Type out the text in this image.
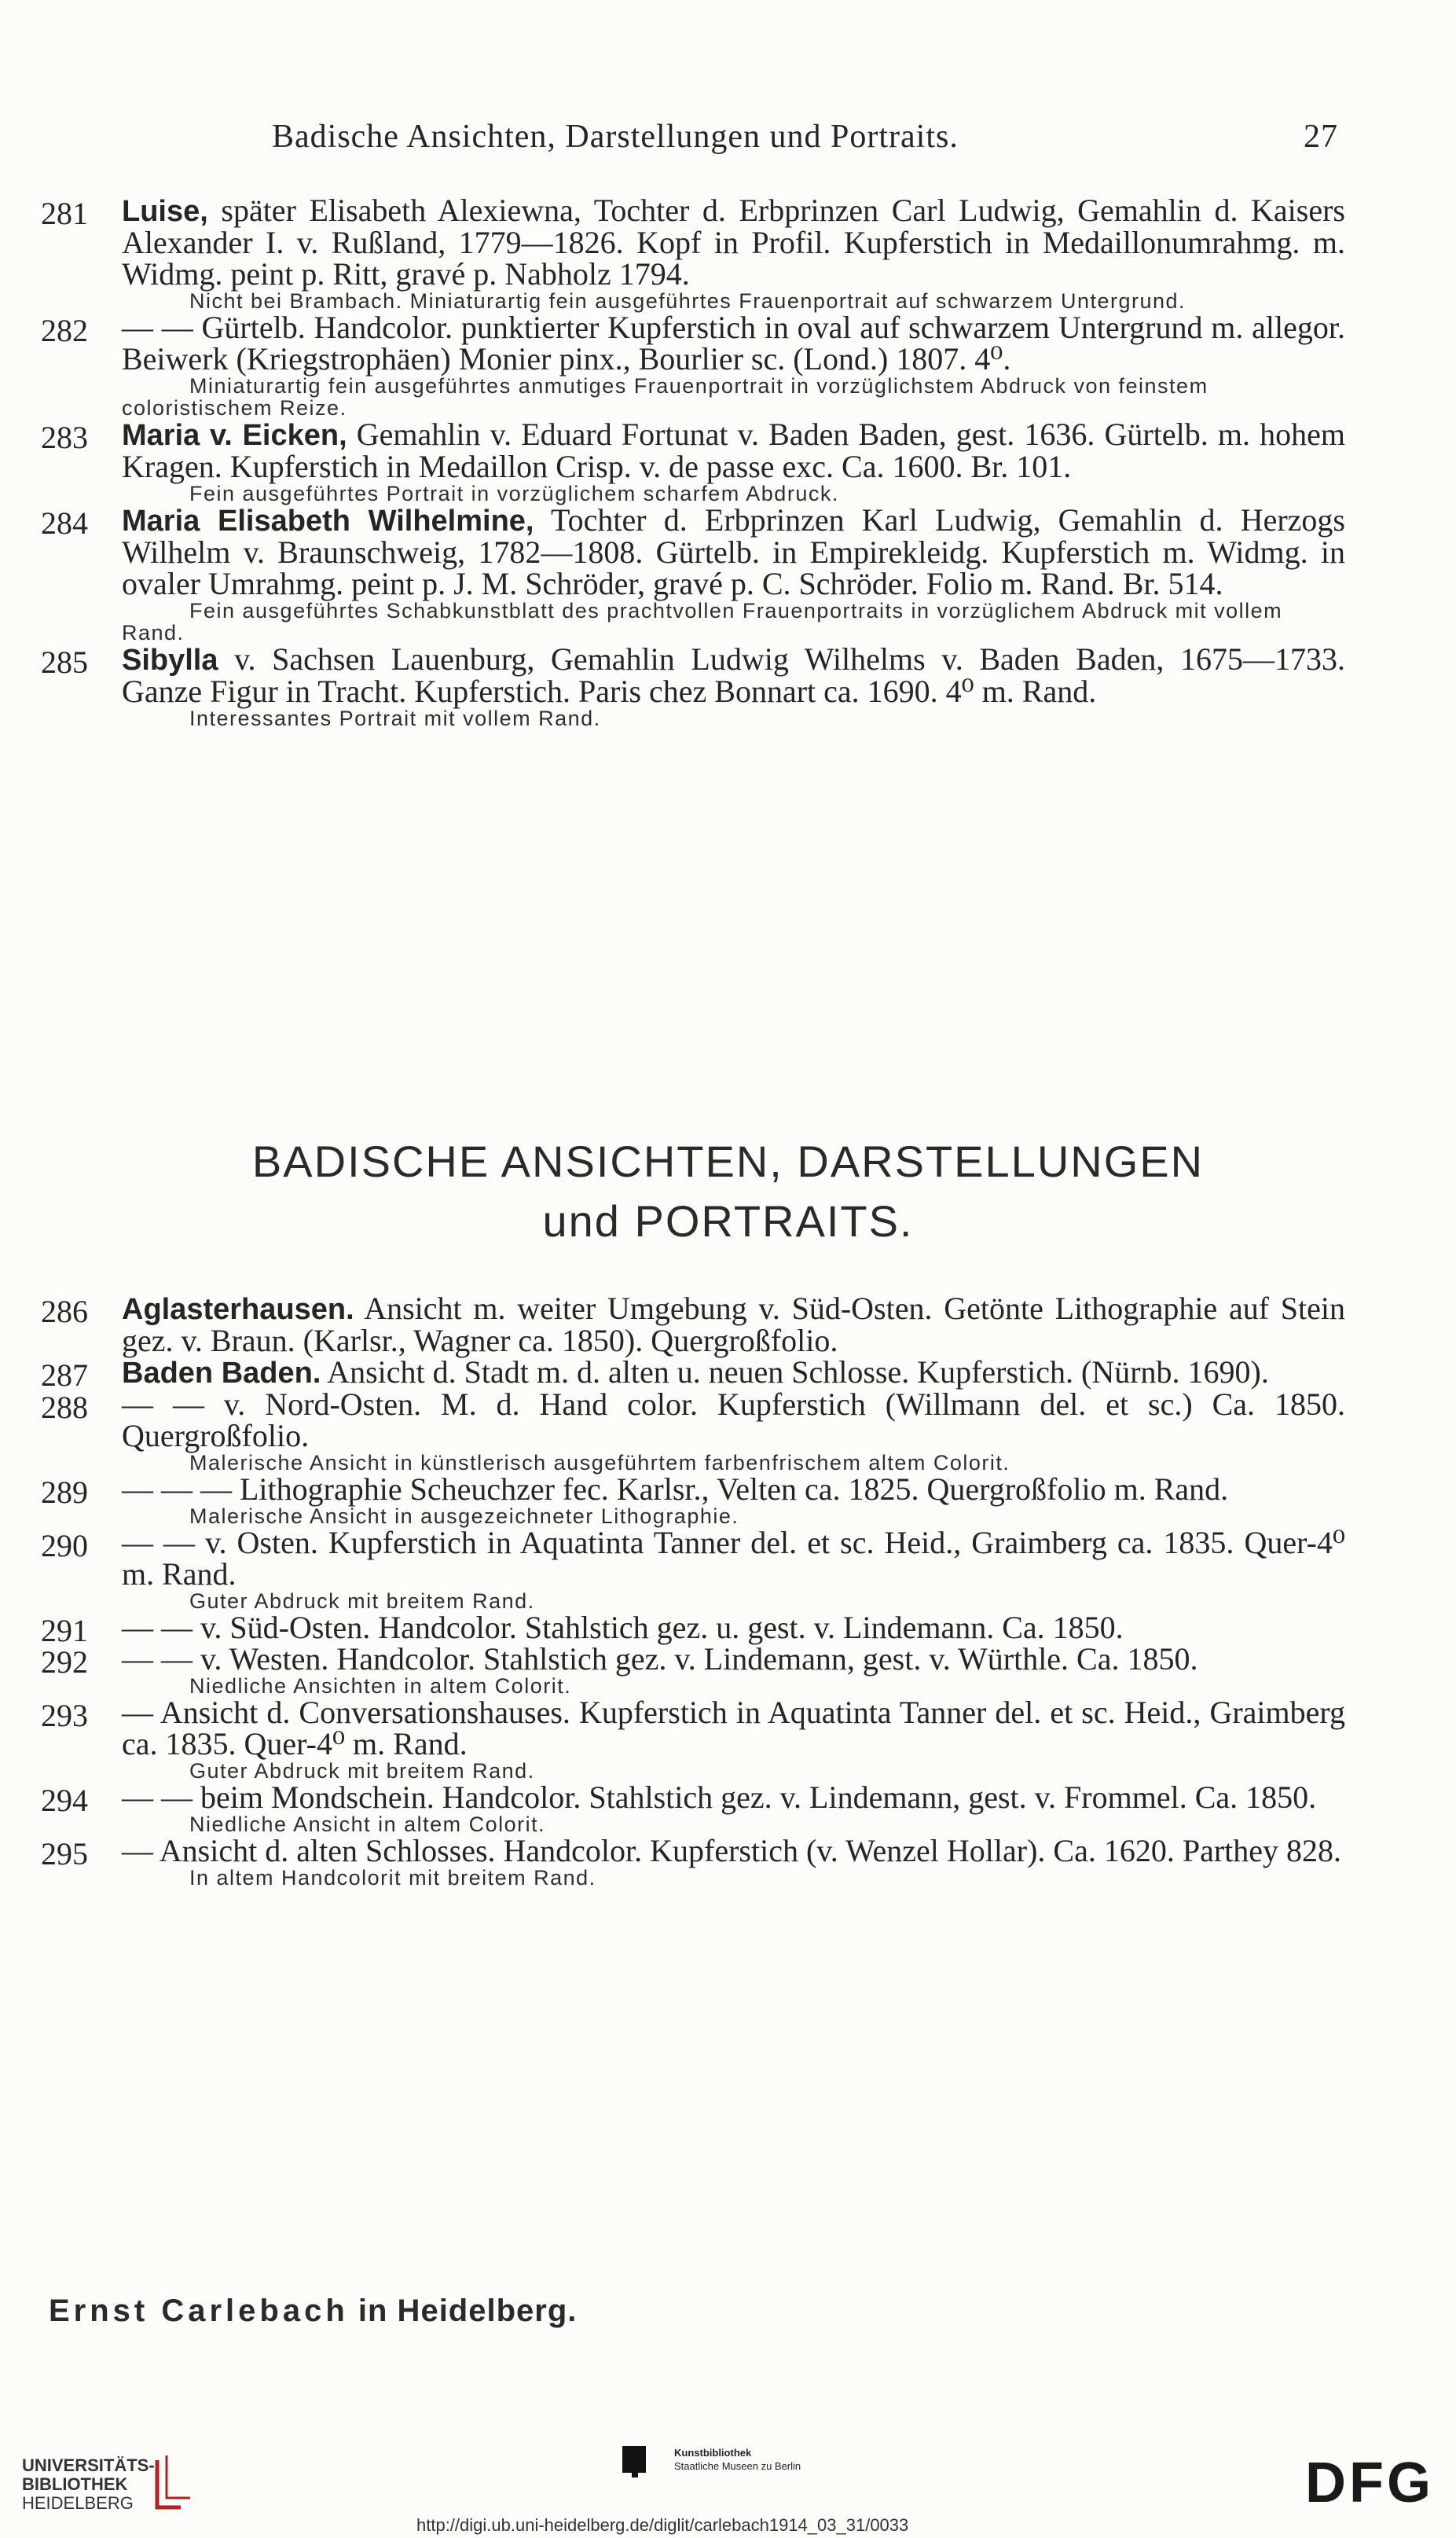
Badische Ansichten, Darstellungen und Portraits.	27
281 Luise, später Elisabeth Alexiewna, Tochter d. Erbprinzen Carl Ludwig, Gemahlin d. Kaisers Alexander I. v. Rußland, 1779—1826. Kopf in Profil. Kupferstich in Medaillonumrahmg. m. Widmg. peint p. Ritt, gravé p. Nabholz 1794.
Nicht bei Brambach. Miniaturartig fein ausgeführtes Frauenportrait auf schwarzem Untergrund.
282 — — Gürtelb. Handcolor. punktierter Kupferstich in oval auf schwarzem Untergrund m. allegor. Beiwerk (Kriegstrophäen) Monier pinx., Bourlier sc. (Lond.) 1807. 4⁰.
Miniaturartig fein ausgeführtes anmutiges Frauenportrait in vorzüglichstem Abdruck von feinstem coloristischem Reize.
283 Maria v. Eicken, Gemahlin v. Eduard Fortunat v. Baden Baden, gest. 1636. Gürtelb. m. hohem Kragen. Kupferstich in Medaillon Crisp. v. de passe exc. Ca. 1600. Br. 101.
Fein ausgeführtes Portrait in vorzüglichem scharfem Abdruck.
284 Maria Elisabeth Wilhelmine, Tochter d. Erbprinzen Karl Ludwig, Gemahlin d. Herzogs Wilhelm v. Braunschweig, 1782—1808. Gürtelb. in Empirekleidg. Kupferstich m. Widmg. in ovaler Umrahmg. peint p. J. M. Schröder, gravé p. C. Schröder. Folio m. Rand. Br. 514.
Fein ausgeführtes Schabkunstblatt des prachtvollen Frauenportraits in vorzüglichem Abdruck mit vollem Rand.
285 Sibylla v. Sachsen Lauenburg, Gemahlin Ludwig Wilhelms v. Baden Baden, 1675—1733. Ganze Figur in Tracht. Kupferstich. Paris chez Bonnart ca. 1690. 4⁰ m. Rand.
Interessantes Portrait mit vollem Rand.
BADISCHE ANSICHTEN, DARSTELLUNGEN
und PORTRAITS.
286 Aglasterhausen. Ansicht m. weiter Umgebung v. Süd-Osten. Getönte Lithographie auf Stein gez. v. Braun. (Karlsr., Wagner ca. 1850). Quergroßfolio.
287 Baden Baden. Ansicht d. Stadt m. d. alten u. neuen Schlosse. Kupferstich. (Nürnb. 1690).
288 — — v. Nord-Osten. M. d. Hand color. Kupferstich (Willmann del. et sc.) Ca. 1850. Quergroßfolio.
Malerische Ansicht in künstlerisch ausgeführtem farbenfrischem altem Colorit.
289 — — — Lithographie Scheuchzer fec. Karlsr., Velten ca. 1825. Quergroßfolio m. Rand.
Malerische Ansicht in ausgezeichneter Lithographie.
290 — — v. Osten. Kupferstich in Aquatinta Tanner del. et sc. Heid., Graimberg ca. 1835. Quer-4⁰ m. Rand.
Guter Abdruck mit breitem Rand.
291 — — v. Süd-Osten. Handcolor. Stahlstich gez. u. gest. v. Lindemann. Ca. 1850.
292 — — v. Westen. Handcolor. Stahlstich gez. v. Lindemann, gest. v. Würthle. Ca. 1850.
Niedliche Ansichten in altem Colorit.
293 — Ansicht d. Conversationshauses. Kupferstich in Aquatinta Tanner del. et sc. Heid., Graimberg ca. 1835. Quer-4⁰ m. Rand.
Guter Abdruck mit breitem Rand.
294 — — beim Mondschein. Handcolor. Stahlstich gez. v. Lindemann, gest. v. Frommel. Ca. 1850.
Niedliche Ansicht in altem Colorit.
295 — Ansicht d. alten Schlosses. Handcolor. Kupferstich (v. Wenzel Hollar). Ca. 1620. Parthey 828.
In altem Handcolorit mit breitem Rand.
Ernst Carlebach in Heidelberg.
UNIVERSITÄTS-
BIBLIOTHEK
HEIDELBERG
Kunstbibliothek
Staatliche Museen zu Berlin	DFG
http://digi.ub.uni-heidelberg.de/diglit/carlebach1914_03_31/0033
